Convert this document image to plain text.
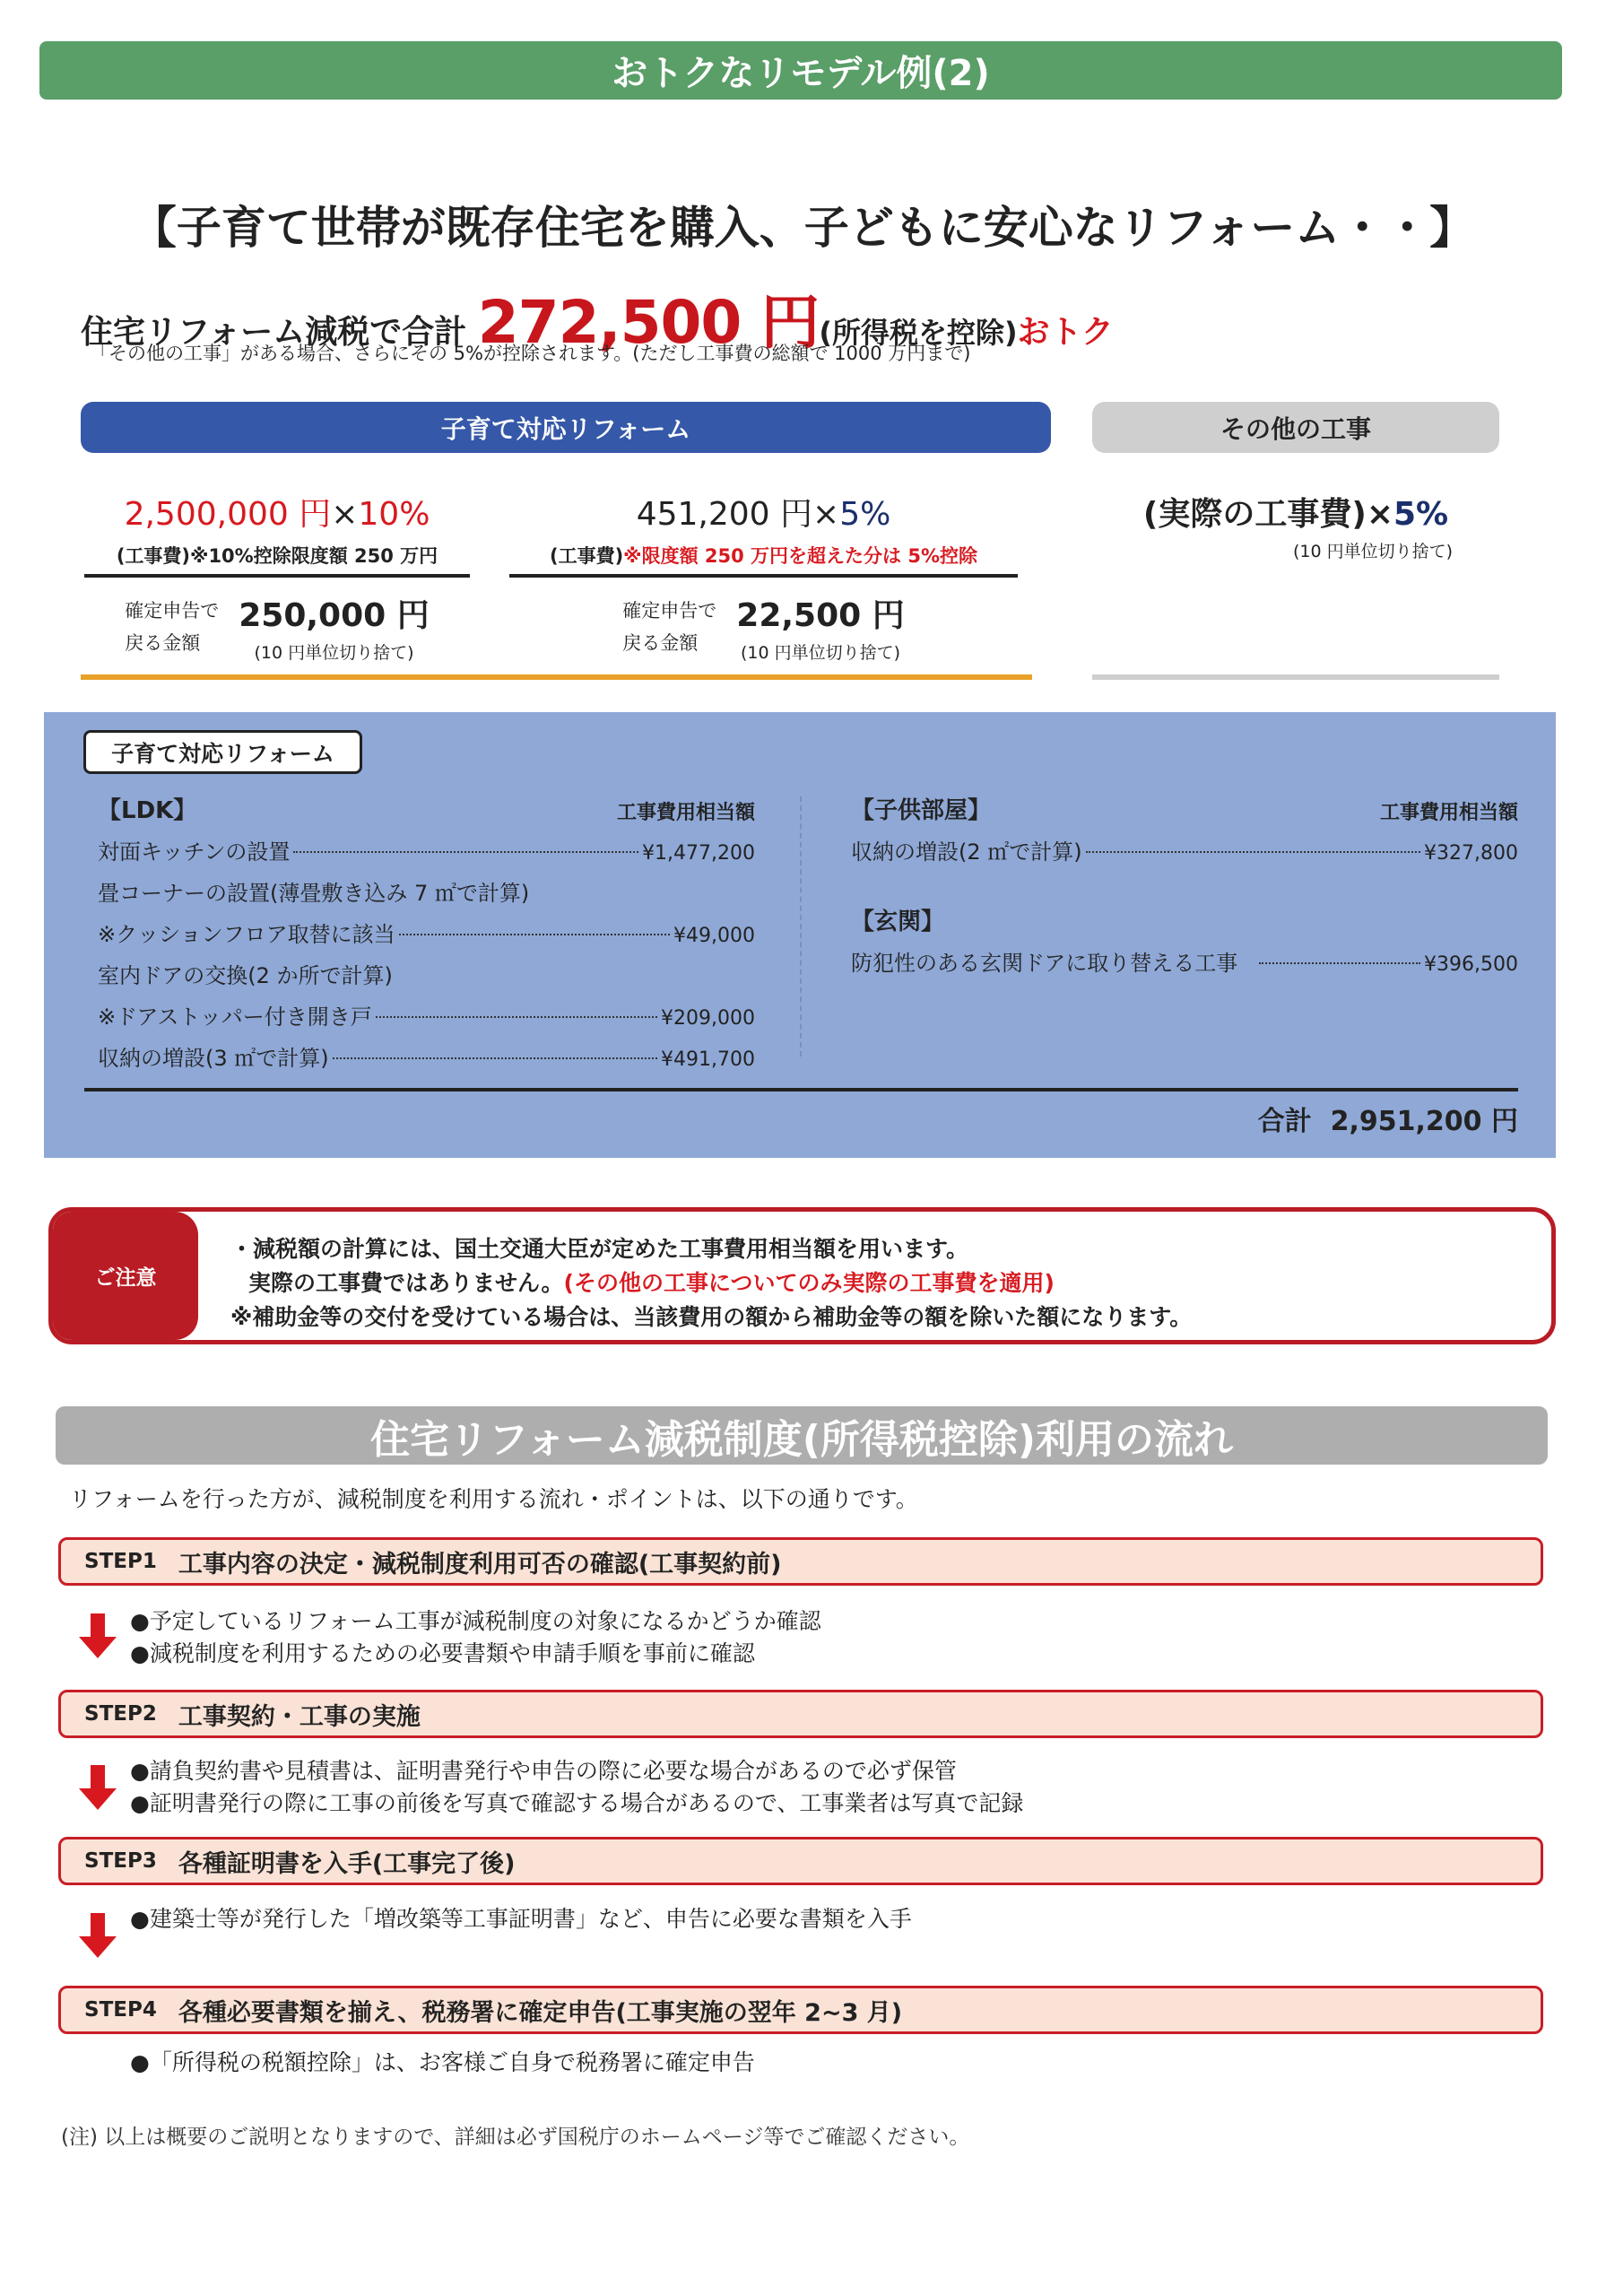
おトクなリモデル例(2)
【子育て世帯が既存住宅を購入、子どもに安心なリフォーム・・】
住宅リフォーム減税で合計 272,500 円(所得税を控除)おトク
「その他の工事」がある場合、さらにその 5%が控除されます。(ただし工事費の総額で 1000 万円まで)
子育て対応リフォーム	その他の工事
2,500,000 円×10%
(工事費)※10%控除限度額 250 万円
確定申告で
戻る金額
250,000 円
(10 円単位切り捨て)
451,200 円×5%
(工事費)※限度額 250 万円を超えた分は 5%控除
確定申告で
戻る金額
22,500 円
(10 円単位切り捨て)
(実際の工事費)×5%
(10 円単位切り捨て)
子育て対応リフォーム
【LDK】	工事費用相当額
対面キッチンの設置	¥1,477,200
畳コーナーの設置(薄畳敷き込み 7 ㎡で計算)
※クッションフロア取替に該当	¥49,000
室内ドアの交換(2 か所で計算)
※ドアストッパー付き開き戸	¥209,000
収納の増設(3 ㎡で計算)	¥491,700
【子供部屋】	工事費用相当額
収納の増設(2 ㎡で計算)	¥327,800
【玄関】
防犯性のある玄関ドアに取り替える工事	¥396,500
合計 2,951,200 円
ご注意
・減税額の計算には、国土交通大臣が定めた工事費用相当額を用います。
実際の工事費ではありません。(その他の工事についてのみ実際の工事費を適用)
※補助金等の交付を受けている場合は、当該費用の額から補助金等の額を除いた額になります。
住宅リフォーム減税制度(所得税控除)利用の流れ
リフォームを行った方が、減税制度を利用する流れ・ポイントは、以下の通りです。
STEP1 工事内容の決定・減税制度利用可否の確認(工事契約前)
●予定しているリフォーム工事が減税制度の対象になるかどうか確認
●減税制度を利用するための必要書類や申請手順を事前に確認
STEP2 工事契約・工事の実施
●請負契約書や見積書は、証明書発行や申告の際に必要な場合があるので必ず保管
●証明書発行の際に工事の前後を写真で確認する場合があるので、工事業者は写真で記録
STEP3 各種証明書を入手(工事完了後)
●建築士等が発行した「増改築等工事証明書」など、申告に必要な書類を入手
STEP4 各種必要書類を揃え、税務署に確定申告(工事実施の翌年 2~3 月)
●「所得税の税額控除」は、お客様ご自身で税務署に確定申告
(注) 以上は概要のご説明となりますので、詳細は必ず国税庁のホームページ等でご確認ください。
